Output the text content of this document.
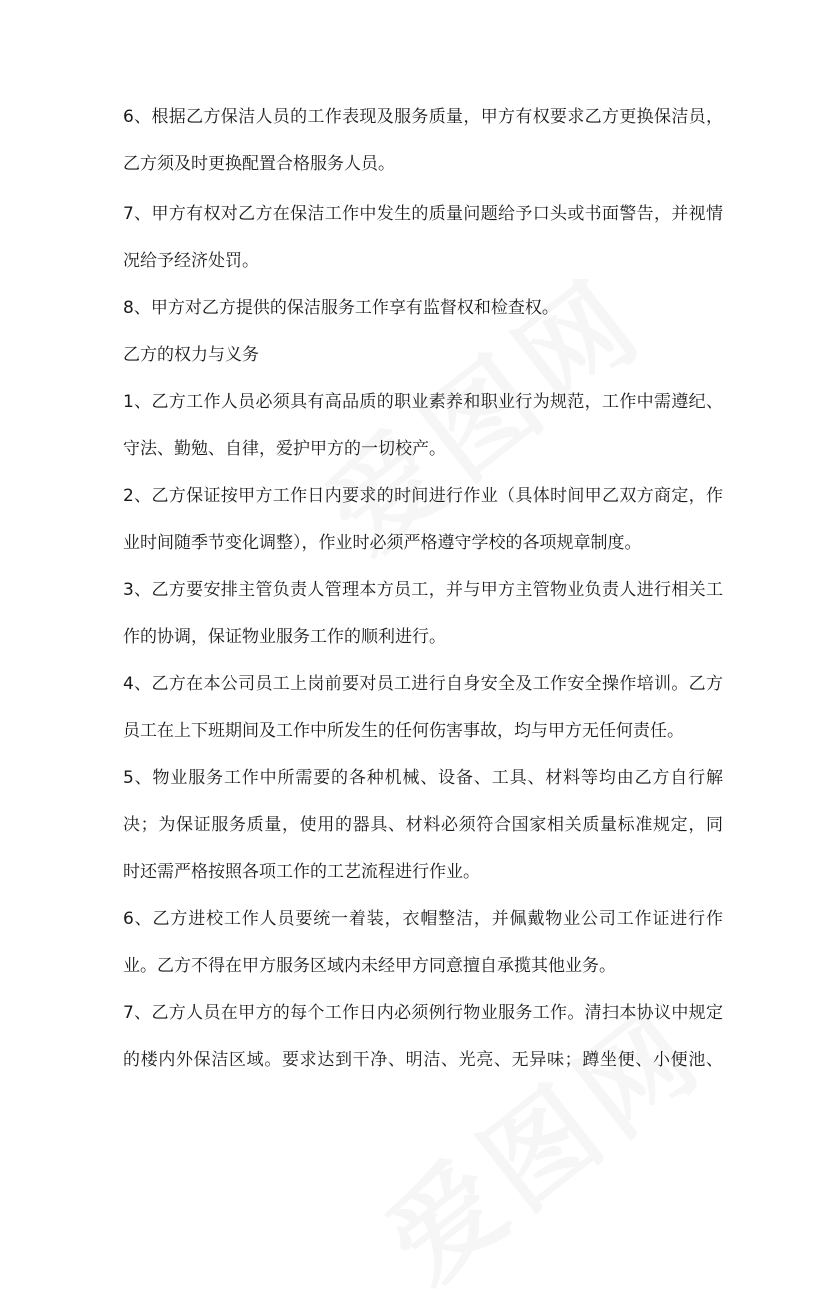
6、根据乙方保洁人员的工作表现及服务质量，甲方有权要求乙方更换保洁员，
乙方须及时更换配置合格服务人员。
7、甲方有权对乙方在保洁工作中发生的质量问题给予口头或书面警告，并视情
况给予经济处罚。
8、甲方对乙方提供的保洁服务工作享有监督权和检查权。
乙方的权力与义务
1、乙方工作人员必须具有高品质的职业素养和职业行为规范，工作中需遵纪、
守法、勤勉、自律，爱护甲方的一切校产。
2、乙方保证按甲方工作日内要求的时间进行作业（具体时间甲乙双方商定，作
业时间随季节变化调整），作业时必须严格遵守学校的各项规章制度。
3、乙方要安排主管负责人管理本方员工，并与甲方主管物业负责人进行相关工
作的协调，保证物业服务工作的顺利进行。
4、乙方在本公司员工上岗前要对员工进行自身安全及工作安全操作培训。乙方
员工在上下班期间及工作中所发生的任何伤害事故，均与甲方无任何责任。
5、物业服务工作中所需要的各种机械、设备、工具、材料等均由乙方自行解
决；为保证服务质量，使用的器具、材料必须符合国家相关质量标准规定，同
时还需严格按照各项工作的工艺流程进行作业。
6、乙方进校工作人员要统一着装，衣帽整洁，并佩戴物业公司工作证进行作
业。乙方不得在甲方服务区域内未经甲方同意擅自承揽其他业务。
7、乙方人员在甲方的每个工作日内必须例行物业服务工作。清扫本协议中规定
的楼内外保洁区域。要求达到干净、明洁、光亮、无异味；蹲坐便、小便池、
